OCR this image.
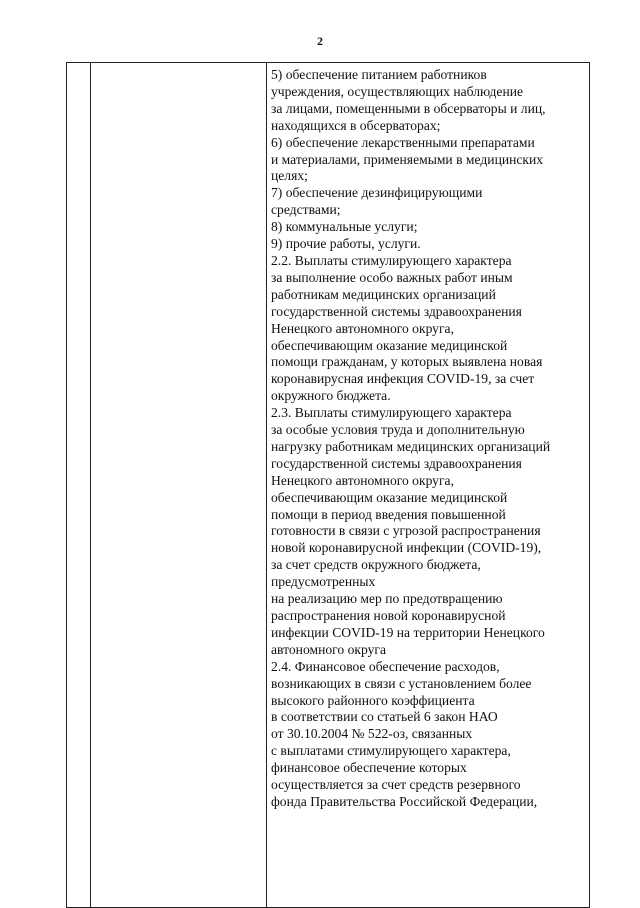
2

5) обеспечение питанием работников

учреждения, осуществляющих наблюдение

за лицами, помещенными в обсерваторы и лиц,

находящихся в обсерваторах;

6) обеспечение лекарственными препаратами

и материалами, применяемыми в медицинских

целях;

7) обеспечение дезинфицирующими

средствами;

8) коммунальные услуги;

9) прочие работы, услуги.

2.2. Выплаты стимулирующего характера

за выполнение особо важных работ иным

работникам медицинских организаций

государственной системы здравоохранения

Ненецкого автономного округа,

обеспечивающим оказание медицинской

помощи гражданам, у которых выявлена новая

коронавирусная инфекция COVID-19, за счет

окружного бюджета.

2.3. Выплаты стимулирующего характера

за особые условия труда и дополнительную

нагрузку работникам медицинских организаций

государственной системы здравоохранения

Ненецкого автономного округа,

обеспечивающим оказание медицинской

помощи в период введения повышенной

готовности в связи с угрозой распространения

новой коронавирусной инфекции (COVID-19),

за счет средств окружного бюджета,

предусмотренных

на реализацию мер по предотвращению

распространения новой коронавирусной

инфекции COVID-19 на территории Ненецкого

автономного округа

2.4. Финансовое обеспечение расходов,

возникающих в связи с установлением более

высокого районного коэффициента

в соответствии со статьей 6 закон НАО

от 30.10.2004 № 522-оз, связанных

с выплатами стимулирующего характера,

финансовое обеспечение которых

осуществляется за счет средств резервного

фонда Правительства Российской Федерации,
